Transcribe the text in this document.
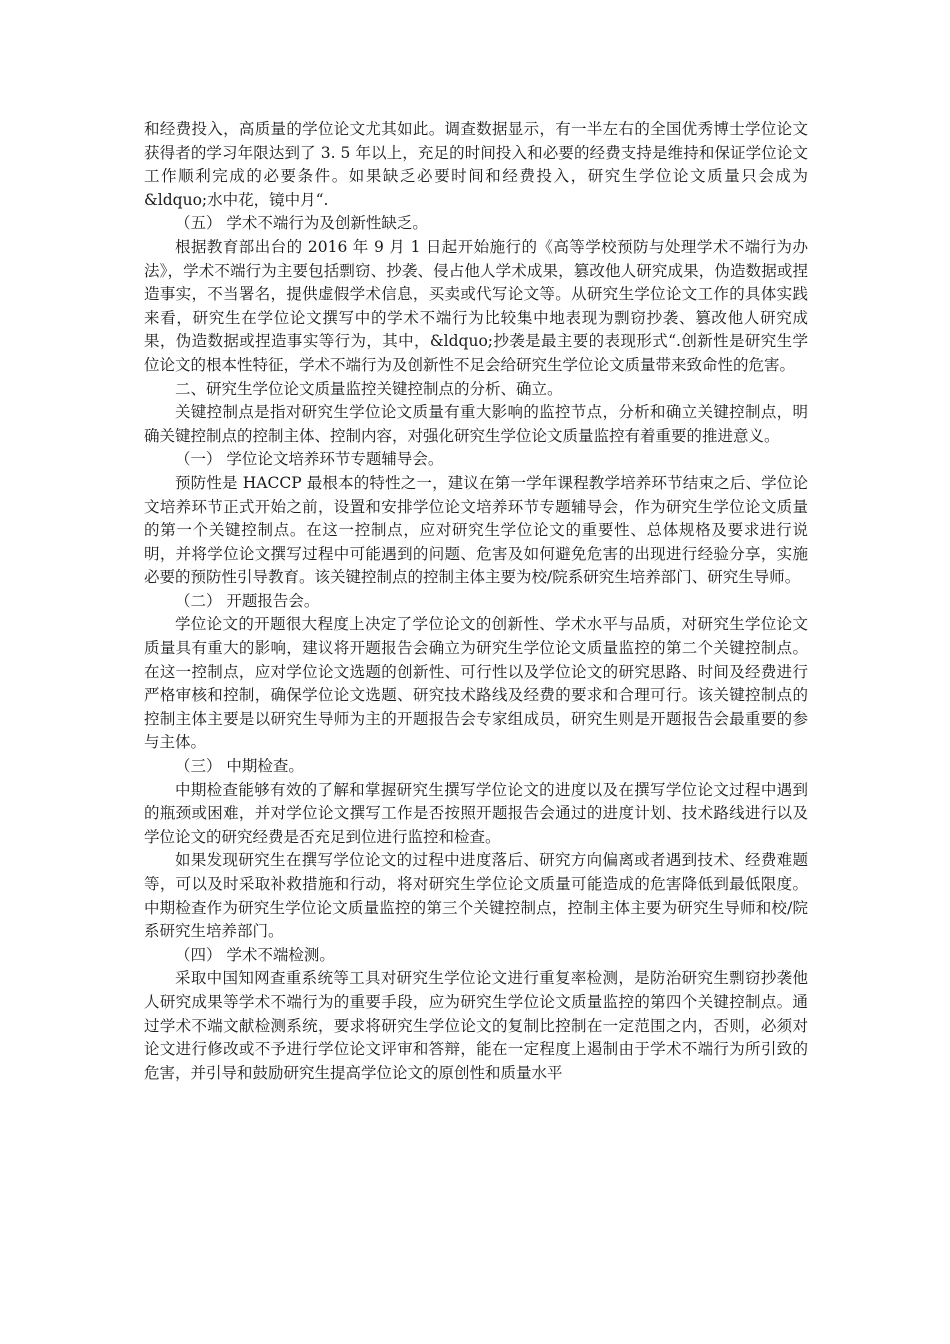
和经费投入，高质量的学位论文尤其如此。调查数据显示，有一半左右的全国优秀博士学位论文获得者的学习年限达到了 3. 5 年以上，充足的时间投入和必要的经费支持是维持和保证学位论文工作顺利完成的必要条件。如果缺乏必要时间和经费投入，研究生学位论文质量只会成为&ldquo;水中花，镜中月“.

（五） 学术不端行为及创新性缺乏。

根据教育部出台的 2016 年 9 月 1 日起开始施行的《高等学校预防与处理学术不端行为办法》，学术不端行为主要包括剽窃、抄袭、侵占他人学术成果，篡改他人研究成果，伪造数据或捏造事实，不当署名，提供虚假学术信息，买卖或代写论文等。从研究生学位论文工作的具体实践来看，研究生在学位论文撰写中的学术不端行为比较集中地表现为剽窃抄袭、篡改他人研究成果，伪造数据或捏造事实等行为，其中，&ldquo;抄袭是最主要的表现形式“.创新性是研究生学位论文的根本性特征，学术不端行为及创新性不足会给研究生学位论文质量带来致命性的危害。

二、研究生学位论文质量监控关键控制点的分析、确立。

关键控制点是指对研究生学位论文质量有重大影响的监控节点，分析和确立关键控制点，明确关键控制点的控制主体、控制内容，对强化研究生学位论文质量监控有着重要的推进意义。

（一） 学位论文培养环节专题辅导会。

预防性是 HACCP 最根本的特性之一，建议在第一学年课程教学培养环节结束之后、学位论文培养环节正式开始之前，设置和安排学位论文培养环节专题辅导会，作为研究生学位论文质量的第一个关键控制点。在这一控制点，应对研究生学位论文的重要性、总体规格及要求进行说明，并将学位论文撰写过程中可能遇到的问题、危害及如何避免危害的出现进行经验分享，实施必要的预防性引导教育。该关键控制点的控制主体主要为校/院系研究生培养部门、研究生导师。

（二） 开题报告会。

学位论文的开题很大程度上决定了学位论文的创新性、学术水平与品质，对研究生学位论文质量具有重大的影响，建议将开题报告会确立为研究生学位论文质量监控的第二个关键控制点。在这一控制点，应对学位论文选题的创新性、可行性以及学位论文的研究思路、时间及经费进行严格审核和控制，确保学位论文选题、研究技术路线及经费的要求和合理可行。该关键控制点的控制主体主要是以研究生导师为主的开题报告会专家组成员，研究生则是开题报告会最重要的参与主体。

（三） 中期检查。

中期检查能够有效的了解和掌握研究生撰写学位论文的进度以及在撰写学位论文过程中遇到的瓶颈或困难，并对学位论文撰写工作是否按照开题报告会通过的进度计划、技术路线进行以及学位论文的研究经费是否充足到位进行监控和检查。

如果发现研究生在撰写学位论文的过程中进度落后、研究方向偏离或者遇到技术、经费难题等，可以及时采取补救措施和行动，将对研究生学位论文质量可能造成的危害降低到最低限度。中期检查作为研究生学位论文质量监控的第三个关键控制点，控制主体主要为研究生导师和校/院系研究生培养部门。

（四） 学术不端检测。

采取中国知网查重系统等工具对研究生学位论文进行重复率检测，是防治研究生剽窃抄袭他人研究成果等学术不端行为的重要手段，应为研究生学位论文质量监控的第四个关键控制点。通过学术不端文献检测系统，要求将研究生学位论文的复制比控制在一定范围之内，否则，必须对论文进行修改或不予进行学位论文评审和答辩，能在一定程度上遏制由于学术不端行为所引致的危害，并引导和鼓励研究生提高学位论文的原创性和质量水平
